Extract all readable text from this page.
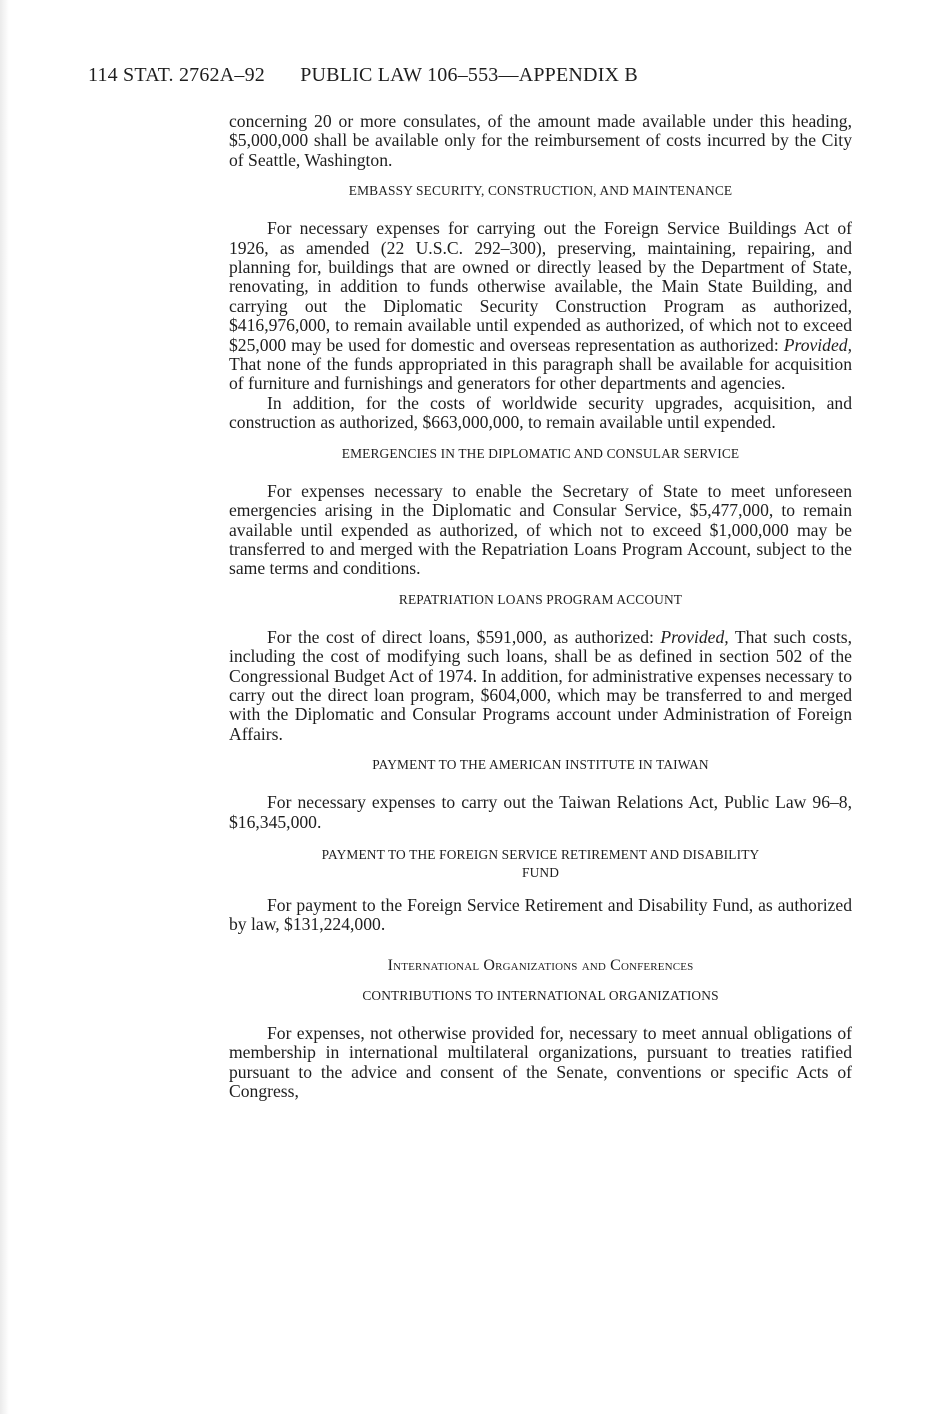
114 STAT. 2762A–92 PUBLIC LAW 106–553—APPENDIX B

concerning 20 or more consulates, of the amount made available under this heading, $5,000,000 shall be available only for the reimbursement of costs incurred by the City of Seattle, Washington.

EMBASSY SECURITY, CONSTRUCTION, AND MAINTENANCE

For necessary expenses for carrying out the Foreign Service Buildings Act of 1926, as amended (22 U.S.C. 292–300), preserving, maintaining, repairing, and planning for, buildings that are owned or directly leased by the Department of State, renovating, in addition to funds otherwise available, the Main State Building, and carrying out the Diplomatic Security Construction Program as authorized, $416,976,000, to remain available until expended as authorized, of which not to exceed $25,000 may be used for domestic and overseas representation as authorized: Provided, That none of the funds appropriated in this paragraph shall be available for acquisition of furniture and furnishings and generators for other departments and agencies.

In addition, for the costs of worldwide security upgrades, acquisition, and construction as authorized, $663,000,000, to remain available until expended.

EMERGENCIES IN THE DIPLOMATIC AND CONSULAR SERVICE

For expenses necessary to enable the Secretary of State to meet unforeseen emergencies arising in the Diplomatic and Consular Service, $5,477,000, to remain available until expended as authorized, of which not to exceed $1,000,000 may be transferred to and merged with the Repatriation Loans Program Account, subject to the same terms and conditions.

REPATRIATION LOANS PROGRAM ACCOUNT

For the cost of direct loans, $591,000, as authorized: Provided, That such costs, including the cost of modifying such loans, shall be as defined in section 502 of the Congressional Budget Act of 1974. In addition, for administrative expenses necessary to carry out the direct loan program, $604,000, which may be transferred to and merged with the Diplomatic and Consular Programs account under Administration of Foreign Affairs.

PAYMENT TO THE AMERICAN INSTITUTE IN TAIWAN

For necessary expenses to carry out the Taiwan Relations Act, Public Law 96–8, $16,345,000.

PAYMENT TO THE FOREIGN SERVICE RETIREMENT AND DISABILITY
FUND

For payment to the Foreign Service Retirement and Disability Fund, as authorized by law, $131,224,000.

International Organizations and Conferences
CONTRIBUTIONS TO INTERNATIONAL ORGANIZATIONS

For expenses, not otherwise provided for, necessary to meet annual obligations of membership in international multilateral organizations, pursuant to treaties ratified pursuant to the advice and consent of the Senate, conventions or specific Acts of Congress,
